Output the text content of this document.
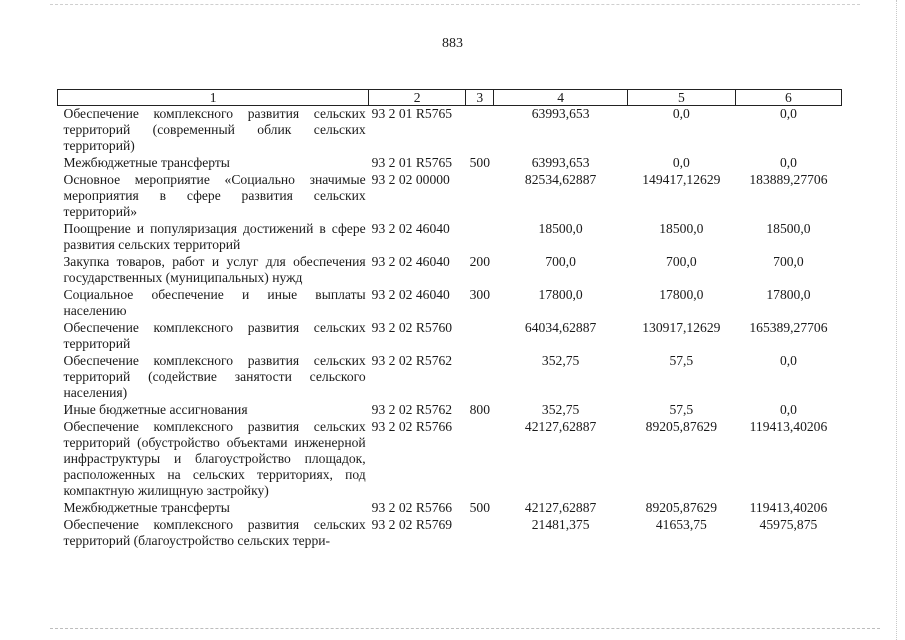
883
1	2	3	4	5	6
Обеспечение комплексного развития сельских территорий (современный облик сельских территорий)	93 2 01 R5765		63993,653	0,0	0,0
Межбюджетные трансферты	93 2 01 R5765	500	63993,653	0,0	0,0
Основное мероприятие «Социально значимые мероприятия в сфере развития сельских территорий»	93 2 02 00000		82534,62887	149417,12629	183889,27706
Поощрение и популяризация достижений в сфере развития сельских территорий	93 2 02 46040		18500,0	18500,0	18500,0
Закупка товаров, работ и услуг для обеспечения государственных (муниципальных) нужд	93 2 02 46040	200	700,0	700,0	700,0
Социальное обеспечение и иные выплаты населению	93 2 02 46040	300	17800,0	17800,0	17800,0
Обеспечение комплексного развития сельских территорий	93 2 02 R5760		64034,62887	130917,12629	165389,27706
Обеспечение комплексного развития сельских территорий (содействие занятости сельского населения)	93 2 02 R5762		352,75	57,5	0,0
Иные бюджетные ассигнования	93 2 02 R5762	800	352,75	57,5	0,0
Обеспечение комплексного развития сельских территорий (обустройство объектами инженерной инфраструктуры и благоустройство площадок, расположенных на сельских территориях, под компактную жилищную застройку)	93 2 02 R5766		42127,62887	89205,87629	119413,40206
Межбюджетные трансферты	93 2 02 R5766	500	42127,62887	89205,87629	119413,40206
Обеспечение комплексного развития сельских территорий (благоустройство сельских терри-	93 2 02 R5769		21481,375	41653,75	45975,875
